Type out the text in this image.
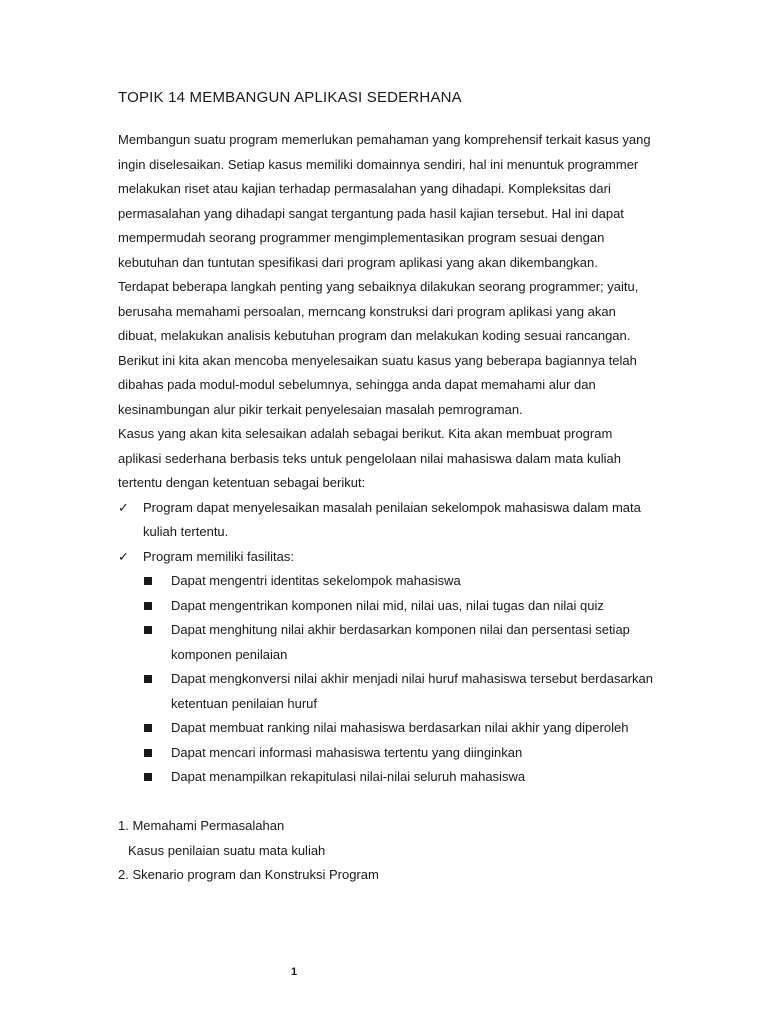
TOPIK 14 MEMBANGUN APLIKASI SEDERHANA

Membangun suatu program memerlukan pemahaman yang komprehensif terkait kasus yang ingin diselesaikan. Setiap kasus memiliki domainnya sendiri, hal ini menuntuk programmer melakukan riset atau kajian terhadap permasalahan yang dihadapi. Kompleksitas dari permasalahan yang dihadapi sangat tergantung pada hasil kajian tersebut. Hal ini dapat mempermudah seorang programmer mengimplementasikan program sesuai dengan kebutuhan dan tuntutan spesifikasi dari program aplikasi yang akan dikembangkan.

Terdapat beberapa langkah penting yang sebaiknya dilakukan seorang programmer; yaitu, berusaha memahami persoalan, merncang konstruksi dari program aplikasi yang akan dibuat, melakukan analisis kebutuhan program dan melakukan koding sesuai rancangan.

Berikut ini kita akan mencoba menyelesaikan suatu kasus yang beberapa bagiannya telah dibahas pada modul-modul sebelumnya, sehingga anda dapat memahami alur dan kesinambungan alur pikir terkait penyelesaian masalah pemrograman.

Kasus yang akan kita selesaikan adalah sebagai berikut. Kita akan membuat program aplikasi sederhana berbasis teks untuk pengelolaan nilai mahasiswa dalam mata kuliah tertentu dengan ketentuan sebagai berikut:

✓ Program dapat menyelesaikan masalah penilaian sekelompok mahasiswa dalam mata kuliah tertentu.
✓ Program memiliki fasilitas:
Dapat mengentri identitas sekelompok mahasiswa
Dapat mengentrikan komponen nilai mid, nilai uas, nilai tugas dan nilai quiz
Dapat menghitung nilai akhir berdasarkan komponen nilai dan persentasi setiap komponen penilaian
Dapat mengkonversi nilai akhir menjadi nilai huruf mahasiswa tersebut berdasarkan ketentuan penilaian huruf
Dapat membuat ranking nilai mahasiswa berdasarkan nilai akhir yang diperoleh
Dapat mencari informasi mahasiswa tertentu yang diinginkan
Dapat menampilkan rekapitulasi nilai-nilai seluruh mahasiswa

1. Memahami Permasalahan

Kasus penilaian suatu mata kuliah

2. Skenario program dan Konstruksi Program

1
